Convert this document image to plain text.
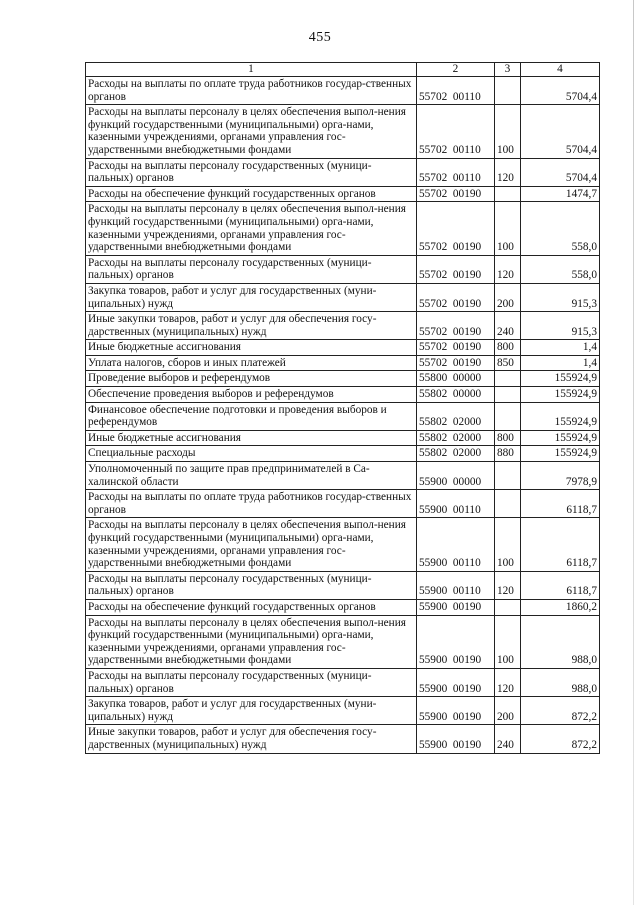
455
1	2	3	4
Расходы на выплаты по оплате труда работников государ-ственных органов	55702  00110		5704,4
Расходы на выплаты персоналу в целях обеспечения выпол-нения функций государственными (муниципальными) орга-нами, казенными учреждениями, органами управления гос-ударственными внебюджетными фондами	55702  00110	100	5704,4
Расходы на выплаты персоналу государственных (муници-пальных) органов	55702  00110	120	5704,4
Расходы на обеспечение функций государственных органов	55702  00190		1474,7
Расходы на выплаты персоналу в целях обеспечения выпол-нения функций государственными (муниципальными) орга-нами, казенными учреждениями, органами управления гос-ударственными внебюджетными фондами	55702  00190	100	558,0
Расходы на выплаты персоналу государственных (муници-пальных) органов	55702  00190	120	558,0
Закупка товаров, работ и услуг для государственных (муни-ципальных) нужд	55702  00190	200	915,3
Иные закупки товаров, работ и услуг для обеспечения госу-дарственных (муниципальных) нужд	55702  00190	240	915,3
Иные бюджетные ассигнования	55702  00190	800	1,4
Уплата налогов, сборов и иных платежей	55702  00190	850	1,4
Проведение выборов и референдумов	55800  00000		155924,9
Обеспечение проведения выборов и референдумов	55802  00000		155924,9
Финансовое обеспечение подготовки и проведения выборов и референдумов	55802  02000		155924,9
Иные бюджетные ассигнования	55802  02000	800	155924,9
Специальные расходы	55802  02000	880	155924,9
Уполномоченный по защите прав предпринимателей в Са-халинской области	55900  00000		7978,9
Расходы на выплаты по оплате труда работников государ-ственных органов	55900  00110		6118,7
Расходы на выплаты персоналу в целях обеспечения выпол-нения функций государственными (муниципальными) орга-нами, казенными учреждениями, органами управления гос-ударственными внебюджетными фондами	55900  00110	100	6118,7
Расходы на выплаты персоналу государственных (муници-пальных) органов	55900  00110	120	6118,7
Расходы на обеспечение функций государственных органов	55900  00190		1860,2
Расходы на выплаты персоналу в целях обеспечения выпол-нения функций государственными (муниципальными) орга-нами, казенными учреждениями, органами управления гос-ударственными внебюджетными фондами	55900  00190	100	988,0
Расходы на выплаты персоналу государственных (муници-пальных) органов	55900  00190	120	988,0
Закупка товаров, работ и услуг для государственных (муни-ципальных) нужд	55900  00190	200	872,2
Иные закупки товаров, работ и услуг для обеспечения госу-дарственных (муниципальных) нужд	55900  00190	240	872,2
